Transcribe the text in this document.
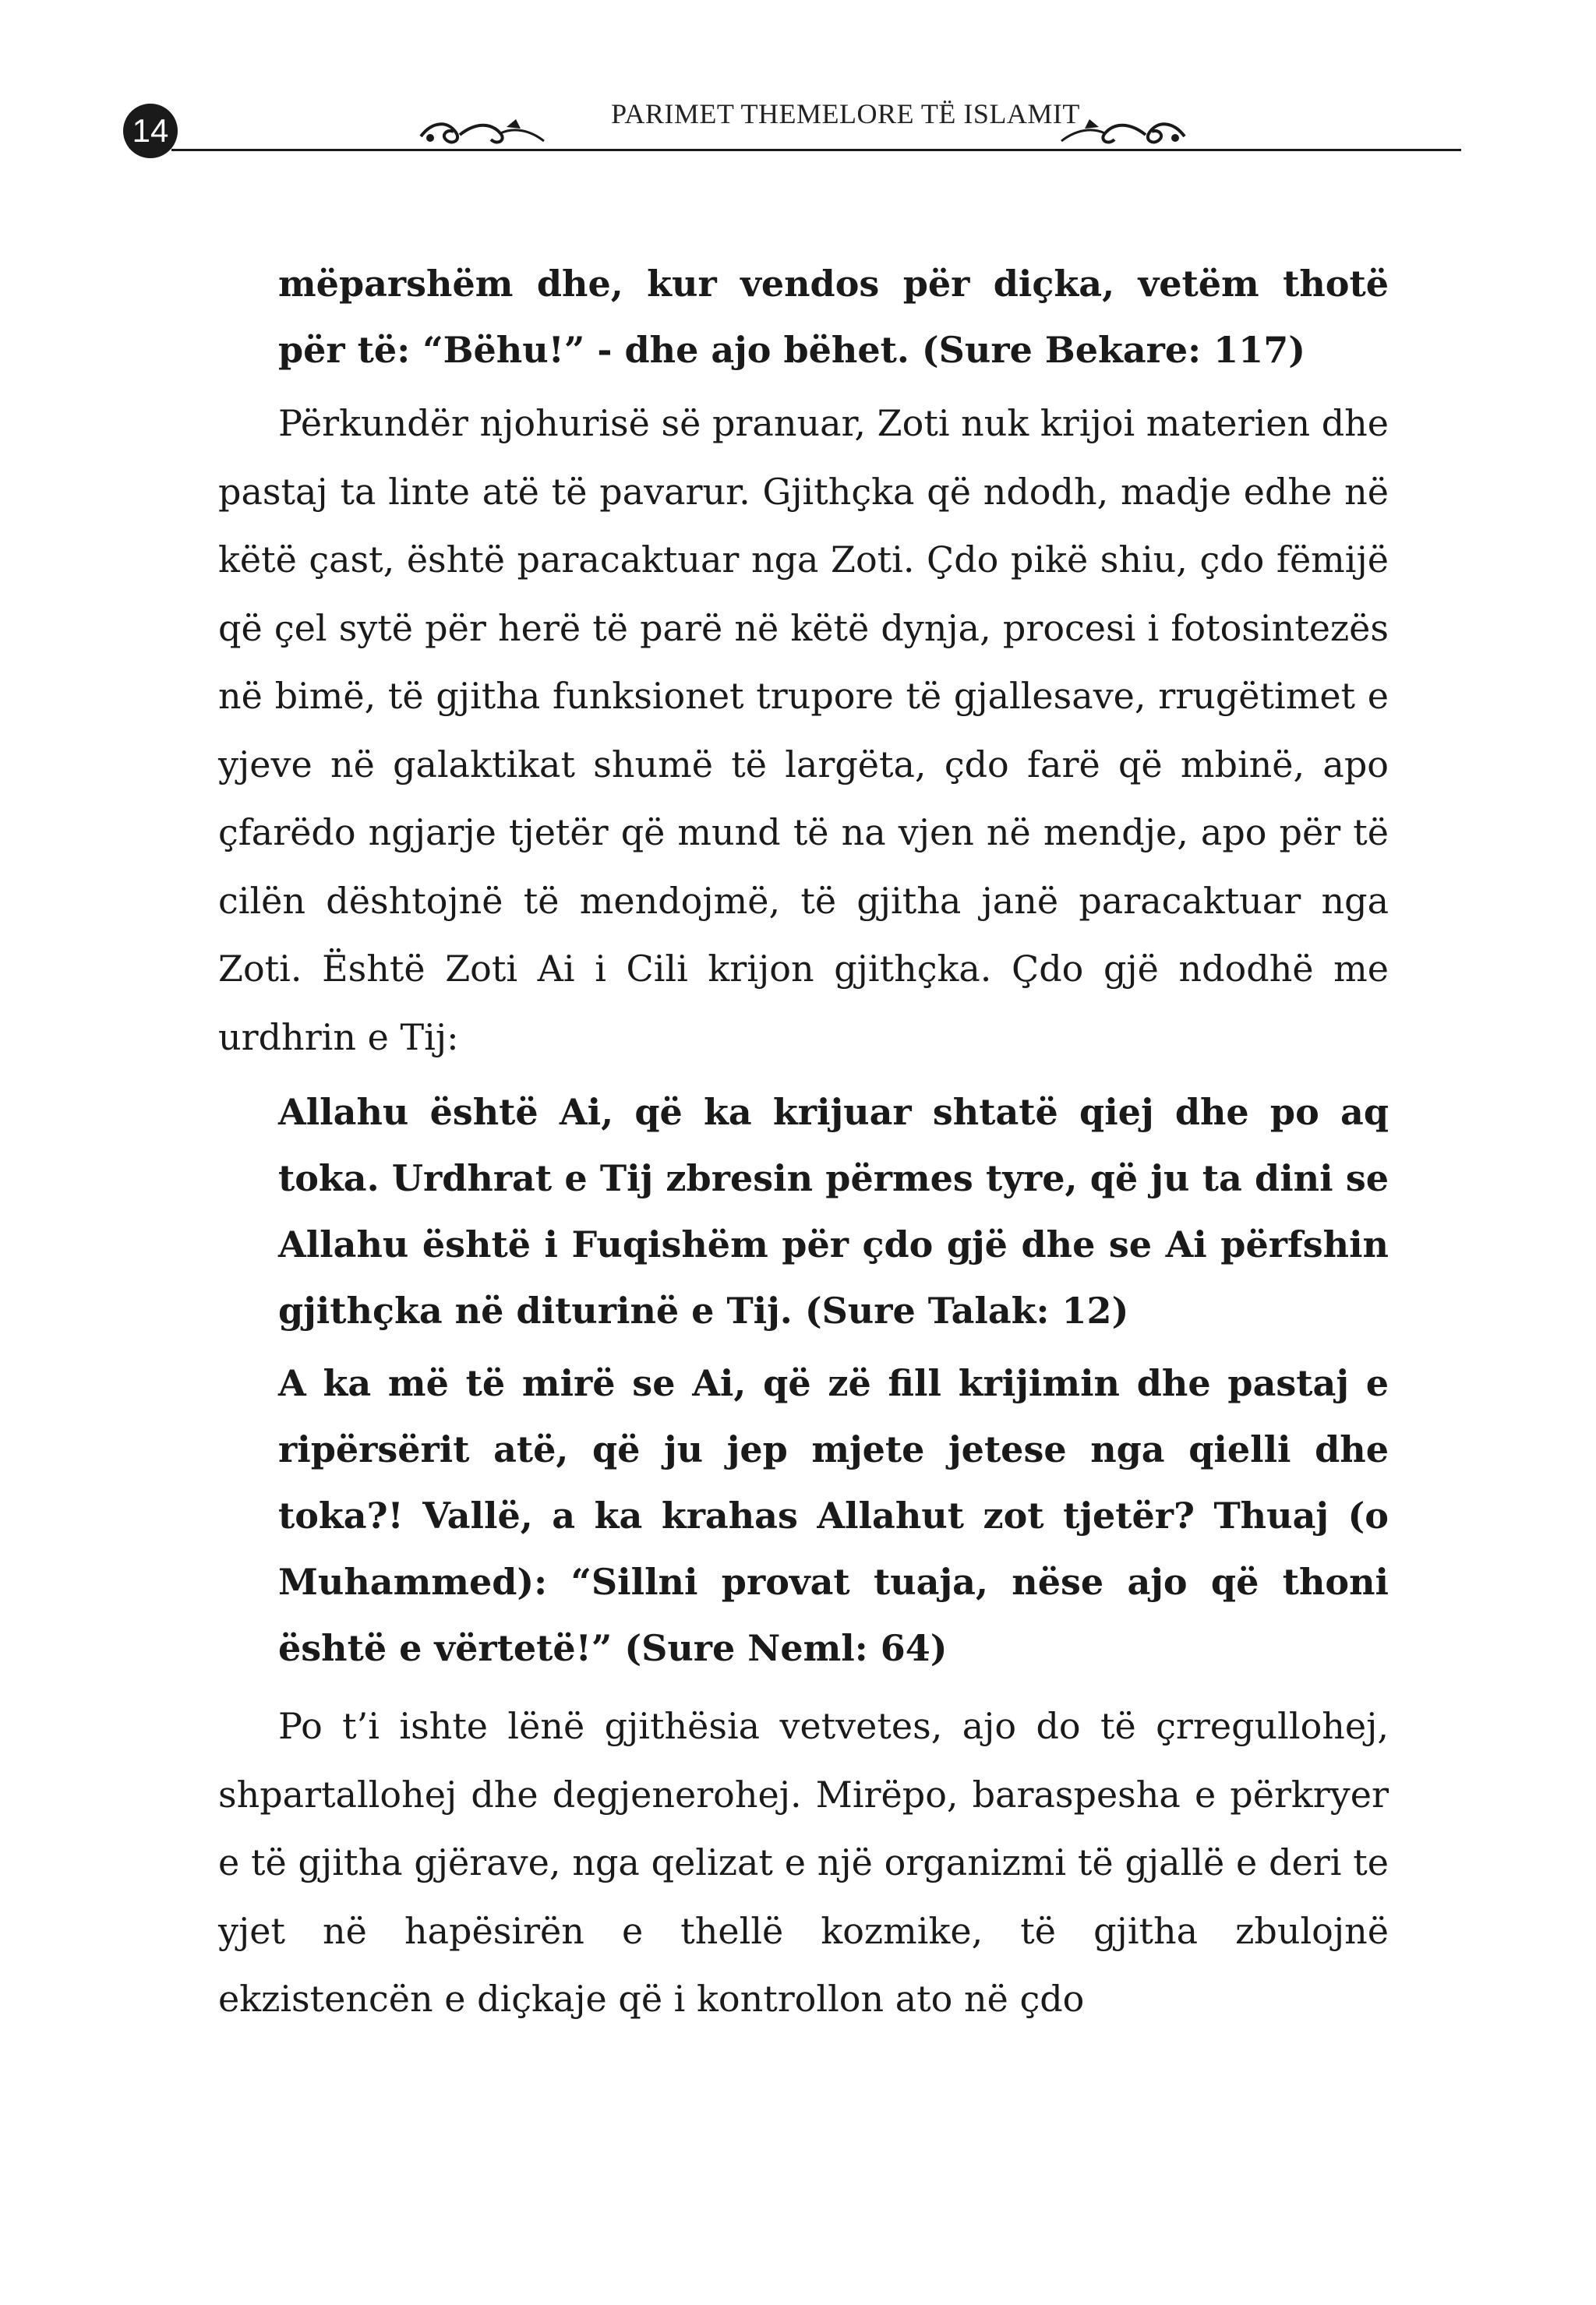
14	PARIMET THEMELORE TË ISLAMIT

mëparshëm dhe, kur vendos për diçka, vetëm thotë për të: “Bëhu!” - dhe ajo bëhet. (Sure Bekare: 117)

Përkundër njohurisë së pranuar, Zoti nuk krijoi materien dhe pastaj ta linte atë të pavarur. Gjithçka që ndodh, madje edhe në këtë çast, është paracaktuar nga Zoti. Çdo pikë shiu, çdo fëmijë që çel sytë për herë të parë në këtë dynja, procesi i fotosintezës në bimë, të gjitha funksionet trupore të gjallesave, rrugëtimet e yjeve në galaktikat shumë të largëta, çdo farë që mbinë, apo çfarëdo ngjarje tjetër që mund të na vjen në mendje, apo për të cilën dështojnë të mendojmë, të gjitha janë paracaktuar nga Zoti. Është Zoti Ai i Cili krijon gjithçka. Çdo gjë ndodhë me urdhrin e Tij:

Allahu është Ai, që ka krijuar shtatë qiej dhe po aq toka. Urdhrat e Tij zbresin përmes tyre, që ju ta dini se Allahu është i Fuqishëm për çdo gjë dhe se Ai përfshin gjithçka në diturinë e Tij. (Sure Talak: 12)

A ka më të mirë se Ai, që zë fill krijimin dhe pastaj e ripërsërit atë, që ju jep mjete jetese nga qielli dhe toka?! Vallë, a ka krahas Allahut zot tjetër? Thuaj (o Muhammed): “Sillni provat tuaja, nëse ajo që thoni është e vërtetë!” (Sure Neml: 64)

Po t’i ishte lënë gjithësia vetvetes, ajo do të çrregullohej, shpartallohej dhe degjenerohej. Mirëpo, baraspesha e përkryer e të gjitha gjërave, nga qelizat e një organizmi të gjallë e deri te yjet në hapësirën e thellë kozmike, të gjitha zbulojnë ekzistencën e diçkaje që i kontrollon ato në çdo
